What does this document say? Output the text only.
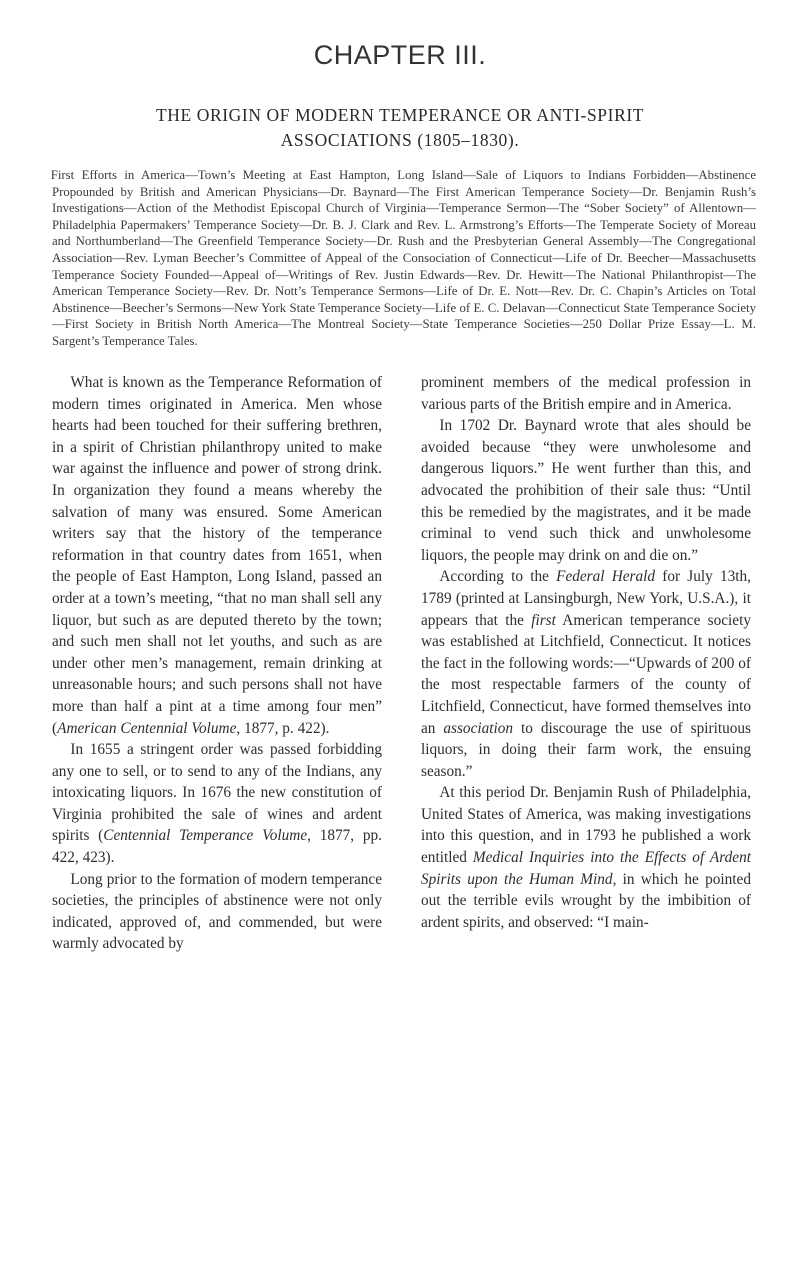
CHAPTER III.
THE ORIGIN OF MODERN TEMPERANCE OR ANTI-SPIRIT
ASSOCIATIONS (1805–1830).

First Efforts in America—Town’s Meeting at East Hampton, Long Island—Sale of Liquors to Indians Forbidden—Abstinence Propounded by British and American Physicians—Dr. Baynard—The First American Temperance Society—Dr. Benjamin Rush’s Investigations—Action of the Methodist Episcopal Church of Virginia—Temperance Sermon—The “Sober Society” of Allentown—Philadelphia Papermakers’ Temperance Society—Dr. B. J. Clark and Rev. L. Armstrong’s Efforts—The Temperate Society of Moreau and Northumberland—The Greenfield Temperance Society—Dr. Rush and the Presbyterian General Assembly—The Congregational Association—Rev. Lyman Beecher’s Committee of Appeal of the Consociation of Connecticut—Life of Dr. Beecher—Massachusetts Temperance Society Founded—Appeal of—Writings of Rev. Justin Edwards—Rev. Dr. Hewitt—The National Philanthropist—The American Temperance Society—Rev. Dr. Nott’s Temperance Sermons—Life of Dr. E. Nott—Rev. Dr. C. Chapin’s Articles on Total Abstinence—Beecher’s Sermons—New York State Temperance Society—Life of E. C. Delavan—Connecticut State Temperance Society—First Society in British North America—The Montreal Society—State Temperance Societies—250 Dollar Prize Essay—L. M. Sargent’s Temperance Tales.

What is known as the Temperance Reformation of modern times originated in America. Men whose hearts had been touched for their suffering brethren, in a spirit of Christian philanthropy united to make war against the influence and power of strong drink. In organization they found a means whereby the salvation of many was ensured. Some American writers say that the history of the temperance reformation in that country dates from 1651, when the people of East Hampton, Long Island, passed an order at a town’s meeting, “that no man shall sell any liquor, but such as are deputed thereto by the town; and such men shall not let youths, and such as are under other men’s management, remain drinking at unreasonable hours; and such persons shall not have more than half a pint at a time among four men” (American Centennial Volume, 1877, p. 422).

In 1655 a stringent order was passed forbidding any one to sell, or to send to any of the Indians, any intoxicating liquors. In 1676 the new constitution of Virginia prohibited the sale of wines and ardent spirits (Centennial Temperance Volume, 1877, pp. 422, 423).

Long prior to the formation of modern temperance societies, the principles of abstinence were not only indicated, approved of, and commended, but were warmly advocated by

prominent members of the medical profession in various parts of the British empire and in America.

In 1702 Dr. Baynard wrote that ales should be avoided because “they were unwholesome and dangerous liquors.” He went further than this, and advocated the prohibition of their sale thus: “Until this be remedied by the magistrates, and it be made criminal to vend such thick and unwholesome liquors, the people may drink on and die on.”

According to the Federal Herald for July 13th, 1789 (printed at Lansingburgh, New York, U.S.A.), it appears that the first American temperance society was established at Litchfield, Connecticut. It notices the fact in the following words:—“Upwards of 200 of the most respectable farmers of the county of Litchfield, Connecticut, have formed themselves into an association to discourage the use of spirituous liquors, in doing their farm work, the ensuing season.”

At this period Dr. Benjamin Rush of Philadelphia, United States of America, was making investigations into this question, and in 1793 he published a work entitled Medical Inquiries into the Effects of Ardent Spirits upon the Human Mind, in which he pointed out the terrible evils wrought by the imbibition of ardent spirits, and observed: “I main-
